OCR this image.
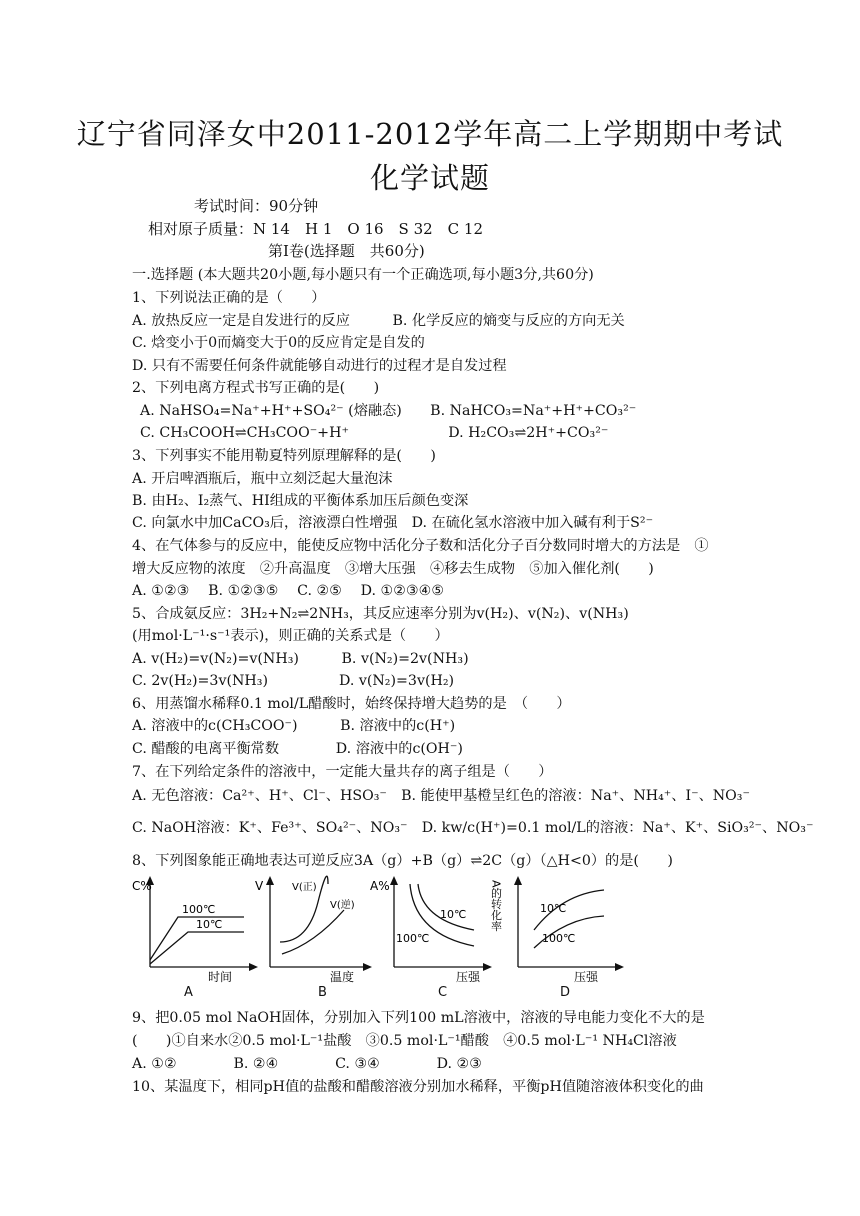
辽宁省同泽女中2011-2012学年高二上学期期中考试
化学试题
考试时间：90分钟
相对原子质量：N 14　H 1　O 16　S 32　C 12
第Ⅰ卷(选择题　共60分)
一.选择题 (本大题共20小题,每小题只有一个正确选项,每小题3分,共60分)
1、下列说法正确的是（　　）
A. 放热反应一定是自发进行的反应　　　B. 化学反应的熵变与反应的方向无关
C. 焓变小于0而熵变大于0的反应肯定是自发的
D. 只有不需要任何条件就能够自动进行的过程才是自发过程
2、下列电离方程式书写正确的是(　　)
A. NaHSO₄=Na⁺+H⁺+SO₄²⁻ (熔融态)　　B. NaHCO₃=Na⁺+H⁺+CO₃²⁻
C. CH₃COOH⇌CH₃COO⁻+H⁺　　　　　　　D. H₂CO₃⇌2H⁺+CO₃²⁻
3、下列事实不能用勒夏特列原理解释的是(　　)
A. 开启啤酒瓶后，瓶中立刻泛起大量泡沫
B. 由H₂、I₂蒸气、HI组成的平衡体系加压后颜色变深
C. 向氯水中加CaCO₃后，溶液漂白性增强　D. 在硫化氢水溶液中加入碱有利于S²⁻
4、在气体参与的反应中，能使反应物中活化分子数和活化分子百分数同时增大的方法是　①
增大反应物的浓度　②升高温度　③增大压强　④移去生成物　⑤加入催化剂(　　)
A. ①②③　 B. ①②③⑤　 C. ②⑤　 D. ①②③④⑤
5、合成氨反应：3H₂+N₂⇌2NH₃，其反应速率分别为v(H₂)、v(N₂)、v(NH₃)
(用mol·L⁻¹·s⁻¹表示)，则正确的关系式是（　　）
A. v(H₂)=v(N₂)=v(NH₃)　　　B. v(N₂)=2v(NH₃)
C. 2v(H₂)=3v(NH₃)　　　　　D. v(N₂)=3v(H₂)
6、用蒸馏水稀释0.1 mol/L醋酸时，始终保持增大趋势的是　（　　）
A. 溶液中的c(CH₃COO⁻)　　　B. 溶液中的c(H⁺)
C. 醋酸的电离平衡常数　　　　D. 溶液中的c(OH⁻)
7、在下列给定条件的溶液中，一定能大量共存的离子组是（　　）
A. 无色溶液：Ca²⁺、H⁺、Cl⁻、HSO₃⁻　B. 能使甲基橙呈红色的溶液：Na⁺、NH₄⁺、I⁻、NO₃⁻
C. NaOH溶液：K⁺、Fe³⁺、SO₄²⁻、NO₃⁻　D. kw/c(H⁺)=0.1 mol/L的溶液：Na⁺、K⁺、SiO₃²⁻、NO₃⁻
8、下列图象能正确地表达可逆反应3A（g）+B（g）⇌2C（g）（△H<0）的是(　　)
C%
100℃
10℃
时间
A
V	V(正)
V(逆)
温度
B
A%
10℃
100℃
压强
C
A的转化率	10℃
100℃
压强
D
9、把0.05 mol NaOH固体，分别加入下列100 mL溶液中，溶液的导电能力变化不大的是
(　　)①自来水②0.5 mol·L⁻¹盐酸　③0.5 mol·L⁻¹醋酸　④0.5 mol·L⁻¹ NH₄Cl溶液
A. ①②　　　　B. ②④　　　　C. ③④　　　　D. ②③
10、某温度下，相同pH值的盐酸和醋酸溶液分别加水稀释，平衡pH值随溶液体积变化的曲
